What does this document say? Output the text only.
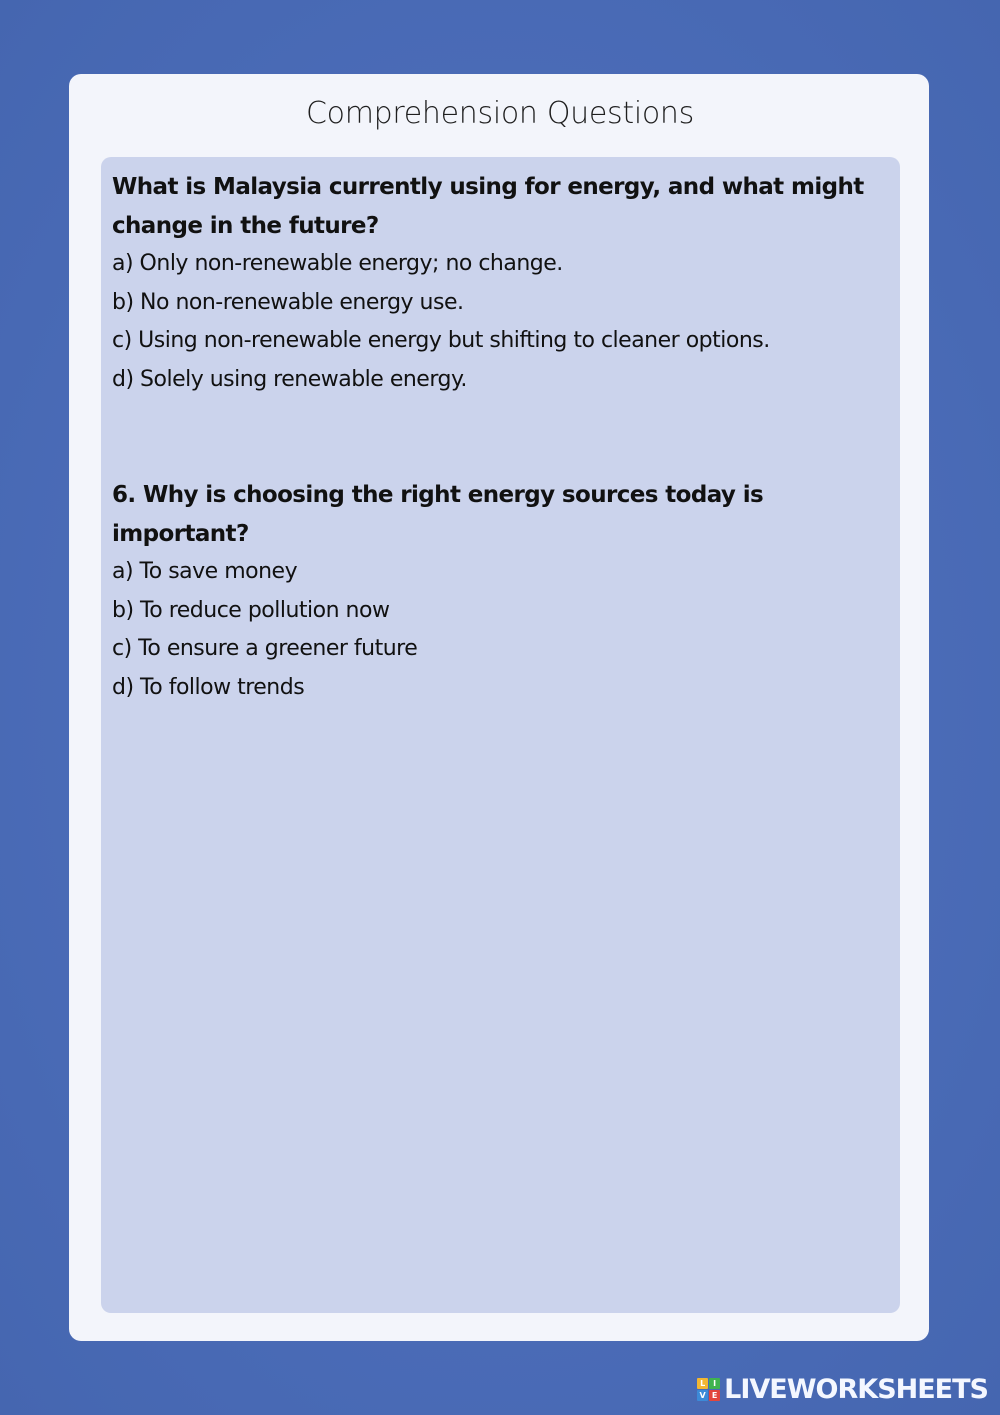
Comprehension Questions
What is Malaysia currently using for energy, and what might change in the future?
a) Only non-renewable energy; no change.
b) No non-renewable energy use.
c) Using non-renewable energy but shifting to cleaner options.
d) Solely using renewable energy.
6. Why is choosing the right energy sources today is important?
a) To save money
b) To reduce pollution now
c) To ensure a greener future
d) To follow trends
L I
V E LIVEWORKSHEETS
